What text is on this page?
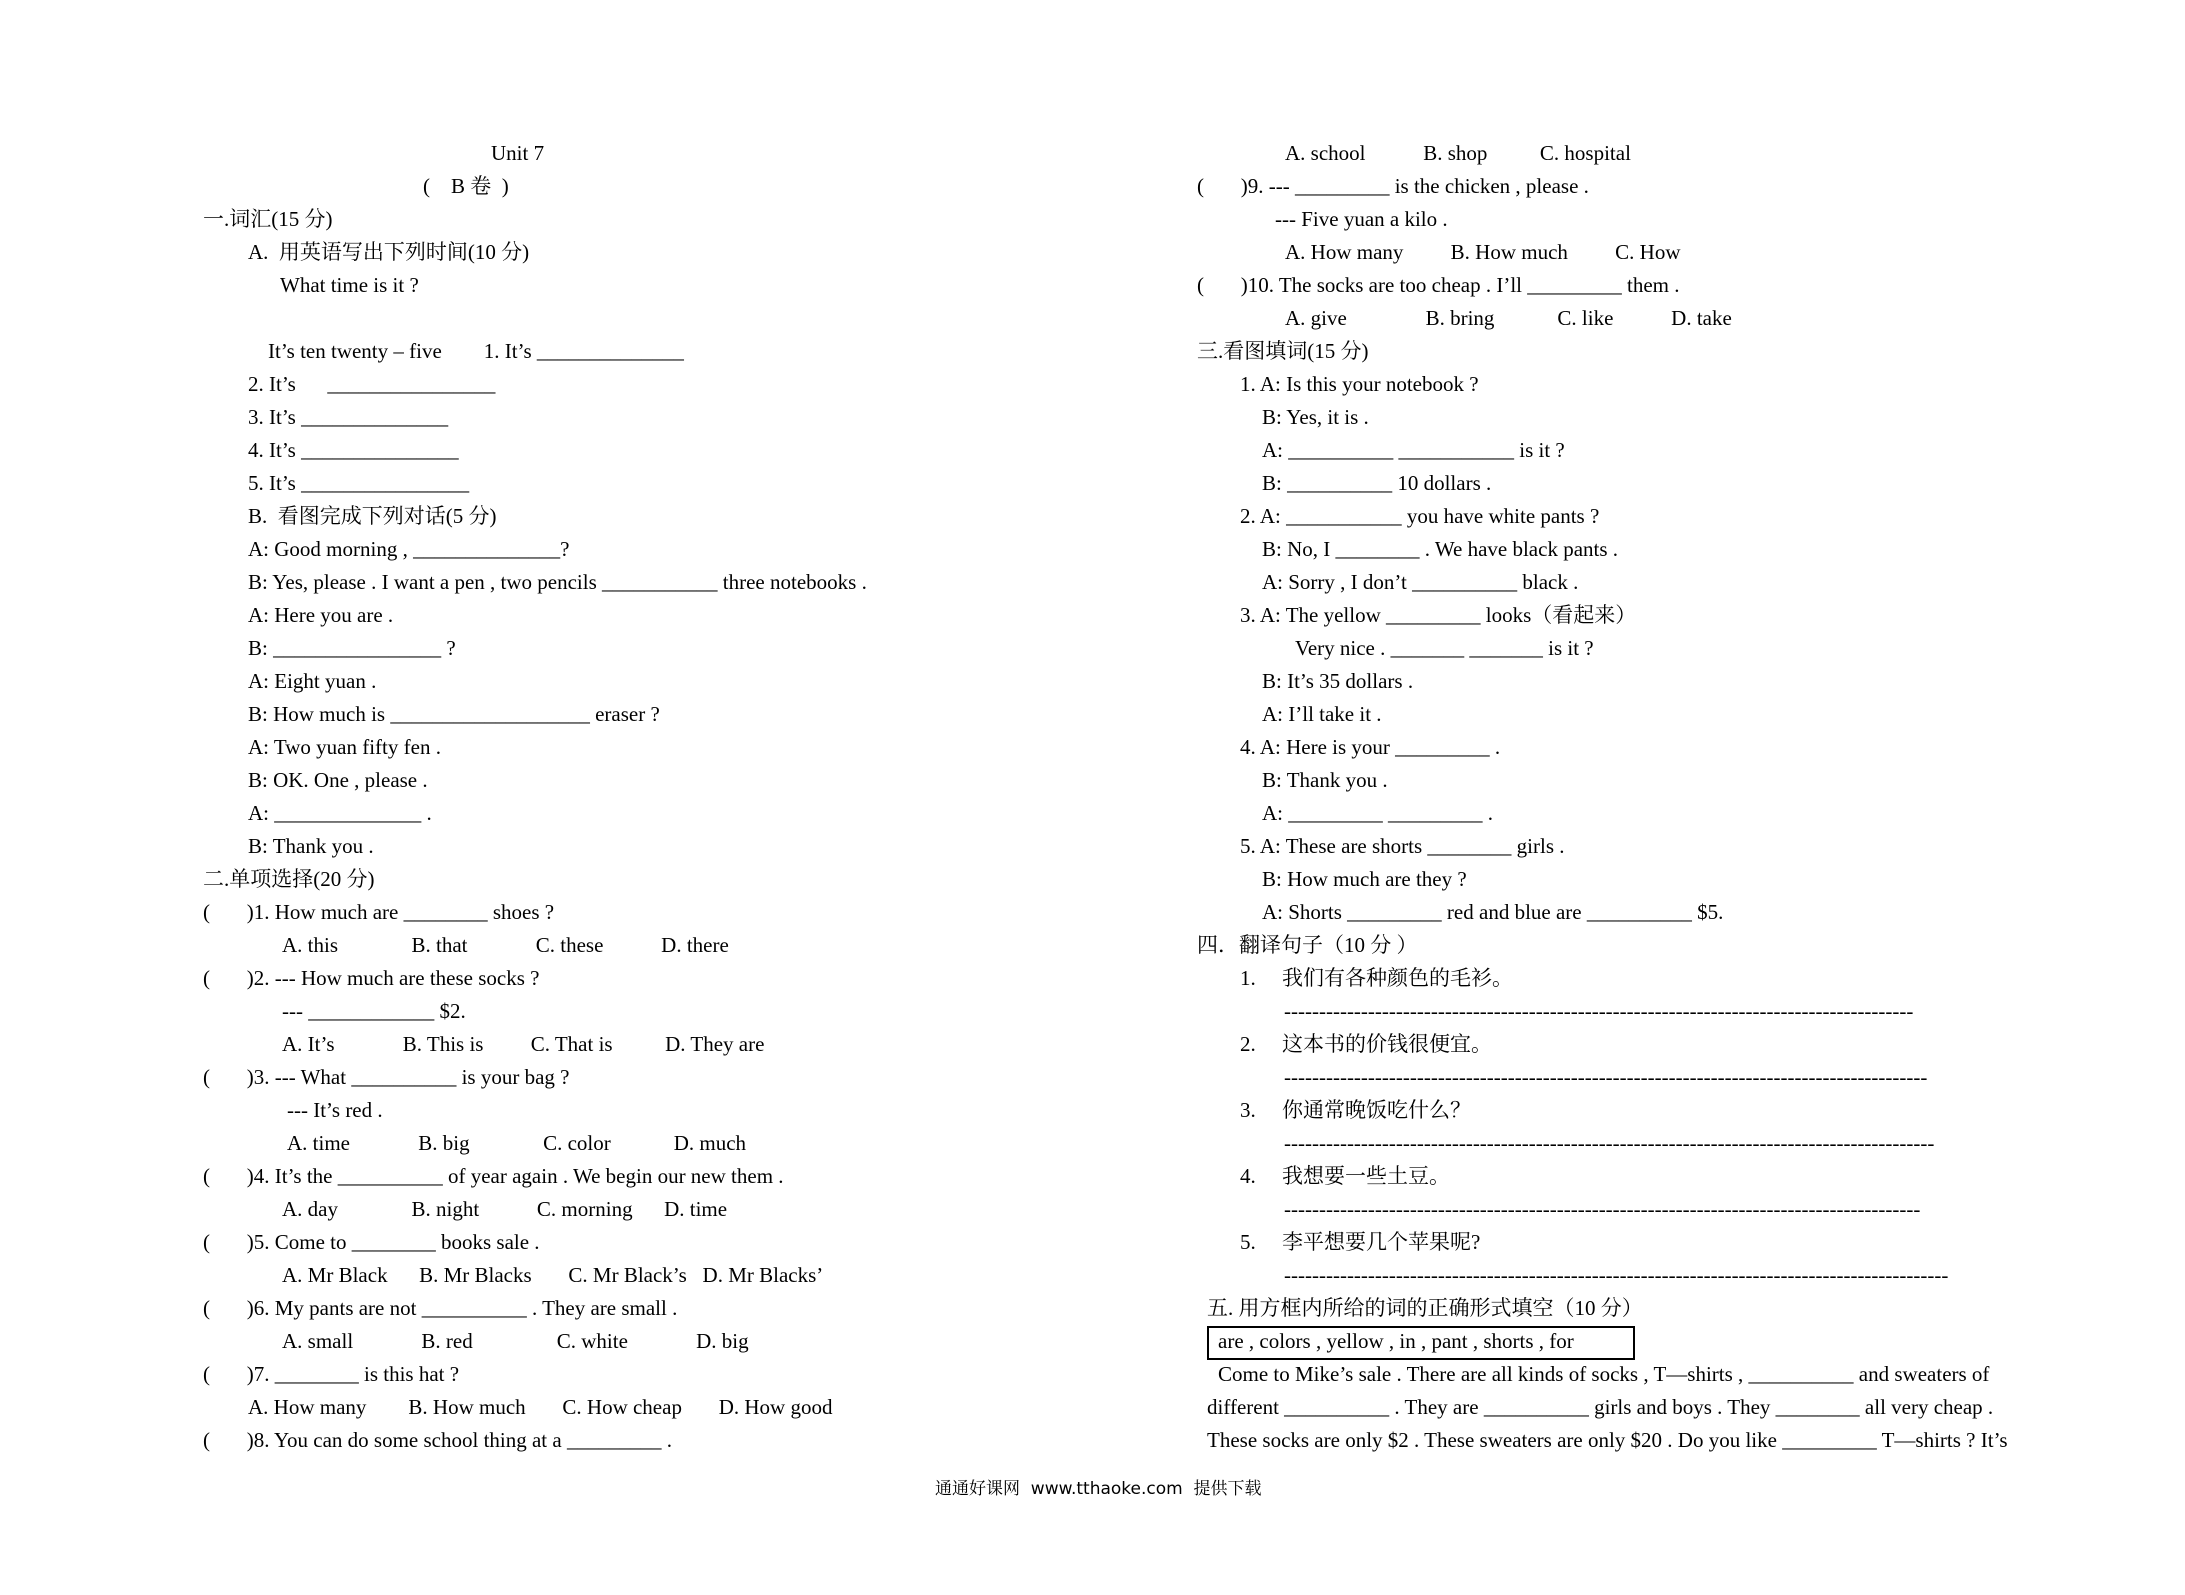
Unit 7
(    B 卷  )
一.词汇(15 分)
A.  用英语写出下列时间(10 分)
What time is it ?
It’s ten twenty – five        1. It’s ______________
2. It’s      ________________
3. It’s ______________
4. It’s _______________
5. It’s ________________
B.  看图完成下列对话(5 分)
A: Good morning , ______________?
B: Yes, please . I want a pen , two pencils ___________ three notebooks .
A: Here you are .
B: ________________ ?
A: Eight yuan .
B: How much is ___________________ eraser ?
A: Two yuan fifty fen .
B: OK. One , please .
A: ______________ .
B: Thank you .
二.单项选择(20 分)
(       )1. How much are ________ shoes ?
A. this              B. that             C. these           D. there
(       )2. --- How much are these socks ?
--- ____________ $2.
A. It’s             B. This is         C. That is          D. They are
(       )3. --- What __________ is your bag ?
--- It’s red .
A. time             B. big              C. color            D. much
(       )4. It’s the __________ of year again . We begin our new them .
A. day              B. night           C. morning      D. time
(       )5. Come to ________ books sale .
A. Mr Black      B. Mr Blacks       C. Mr Black’s   D. Mr Blacks’
(       )6. My pants are not __________ . They are small .
A. small             B. red                C. white             D. big
(       )7. ________ is this hat ?
A. How many        B. How much       C. How cheap       D. How good
(       )8. You can do some school thing at a _________ .
A. school           B. shop          C. hospital
(       )9. --- _________ is the chicken , please .
--- Five yuan a kilo .
A. How many         B. How much         C. How
(       )10. The socks are too cheap . I’ll _________ them .
A. give               B. bring            C. like           D. take
三.看图填词(15 分)
1. A: Is this your notebook ?
B: Yes, it is .
A: __________ ___________ is it ?
B: __________ 10 dollars .
2. A: ___________ you have white pants ?
B: No, I ________ . We have black pants .
A: Sorry , I don’t __________ black .
3. A: The yellow _________ looks（看起来）
Very nice . _______ _______ is it ?
B: It’s 35 dollars .
A: I’ll take it .
4. A: Here is your _________ .
B: Thank you .
A: _________ _________ .
5. A: These are shorts ________ girls .
B: How much are they ?
A: Shorts _________ red and blue are __________ $5.
四．翻译句子（10 分 ）
1.     我们有各种颜色的毛衫。
------------------------------------------------------------------------------------------
2.     这本书的价钱很便宜。
--------------------------------------------------------------------------------------------
3.     你通常晚饭吃什么？
---------------------------------------------------------------------------------------------
4.     我想要一些土豆。
-------------------------------------------------------------------------------------------
5.     李平想要几个苹果呢?
-----------------------------------------------------------------------------------------------
五. 用方框内所给的词的正确形式填空（10 分）
are , colors , yellow , in , pant , shorts , for
Come to Mike’s sale . There are all kinds of socks , T—shirts , __________ and sweaters of
different __________ . They are __________ girls and boys . They ________ all very cheap .
These socks are only $2 . These sweaters are only $20 . Do you like _________ T—shirts ? It’s
通通好课网  www.tthaoke.com  提供下载
